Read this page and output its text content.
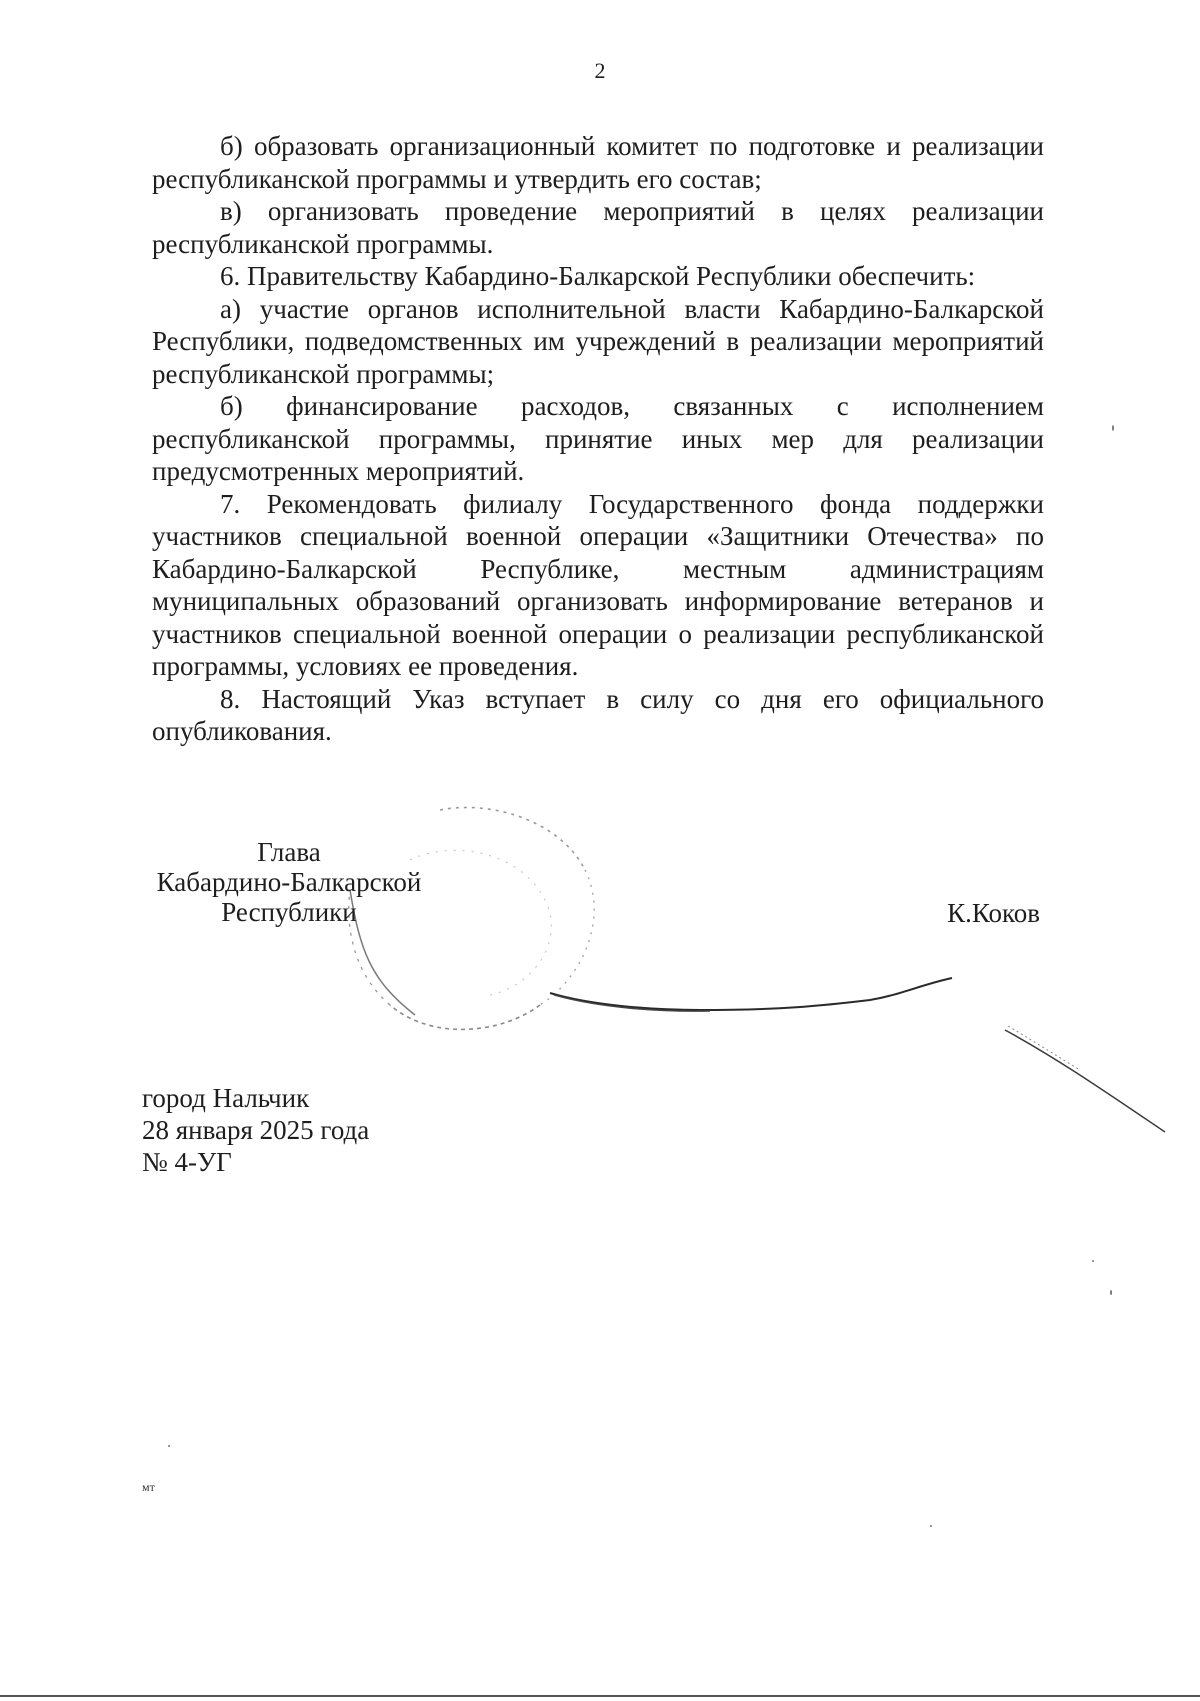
2

б) образовать организационный комитет по подготовке и реализации республиканской программы и утвердить его состав;

в) организовать проведение мероприятий в целях реализации республиканской программы.

6. Правительству Кабардино-Балкарской Республики обеспечить:

а) участие органов исполнительной власти Кабардино-Балкарской Республики, подведомственных им учреждений в реализации мероприятий республиканской программы;

б) финансирование расходов, связанных с исполнением республиканской программы, принятие иных мер для реализации предусмотренных мероприятий.

7. Рекомендовать филиалу Государственного фонда поддержки участников специальной военной операции «Защитники Отечества» по Кабардино-Балкарской Республике, местным администрациям муниципальных образований организовать информирование ветеранов и участников специальной военной операции о реализации республиканской программы, условиях ее проведения.

8. Настоящий Указ вступает в силу со дня его официального опубликования.

Глава

Кабардино-Балкарской

Республики	К.Коков

город Нальчик

28 января 2025 года

№ 4-УГ

мт
